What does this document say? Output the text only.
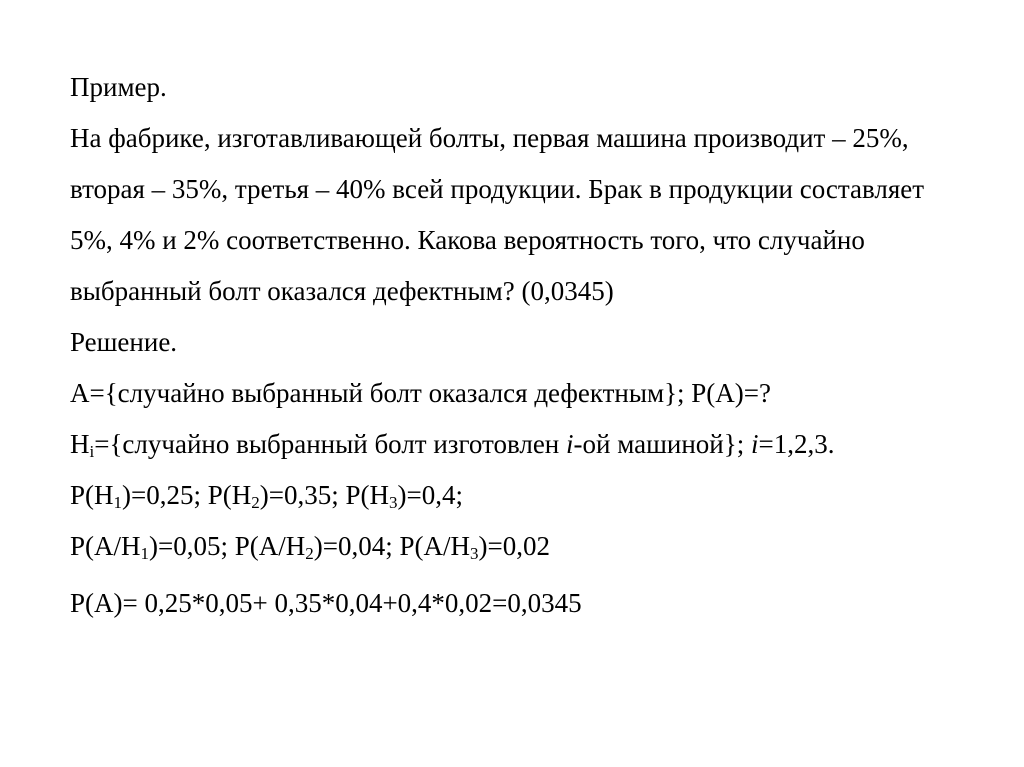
Пример.

На фабрике, изготавливающей болты, первая машина производит – 25%,

вторая – 35%, третья – 40% всей продукции. Брак в продукции составляет

5%, 4% и 2% соответственно. Какова вероятность того, что случайно

выбранный болт оказался дефектным? (0,0345)

Решение.

A={случайно выбранный болт оказался дефектным}; P(A)=?

$H_i=\{случайно$ выбранный болт изготовлен i-ой машиной}; i=1,2,3.

$P(H_1)=0,25$; $P(H_2)=0,35$; $P(H_3)=0,4$;

$P(A/H_1)=0,05$; $P(A/H_2)=0,04$; $P(A/H_3)=0,02$

P(A)= 0,25*0,05+ 0,35*0,04+0,4*0,02=0,0345
